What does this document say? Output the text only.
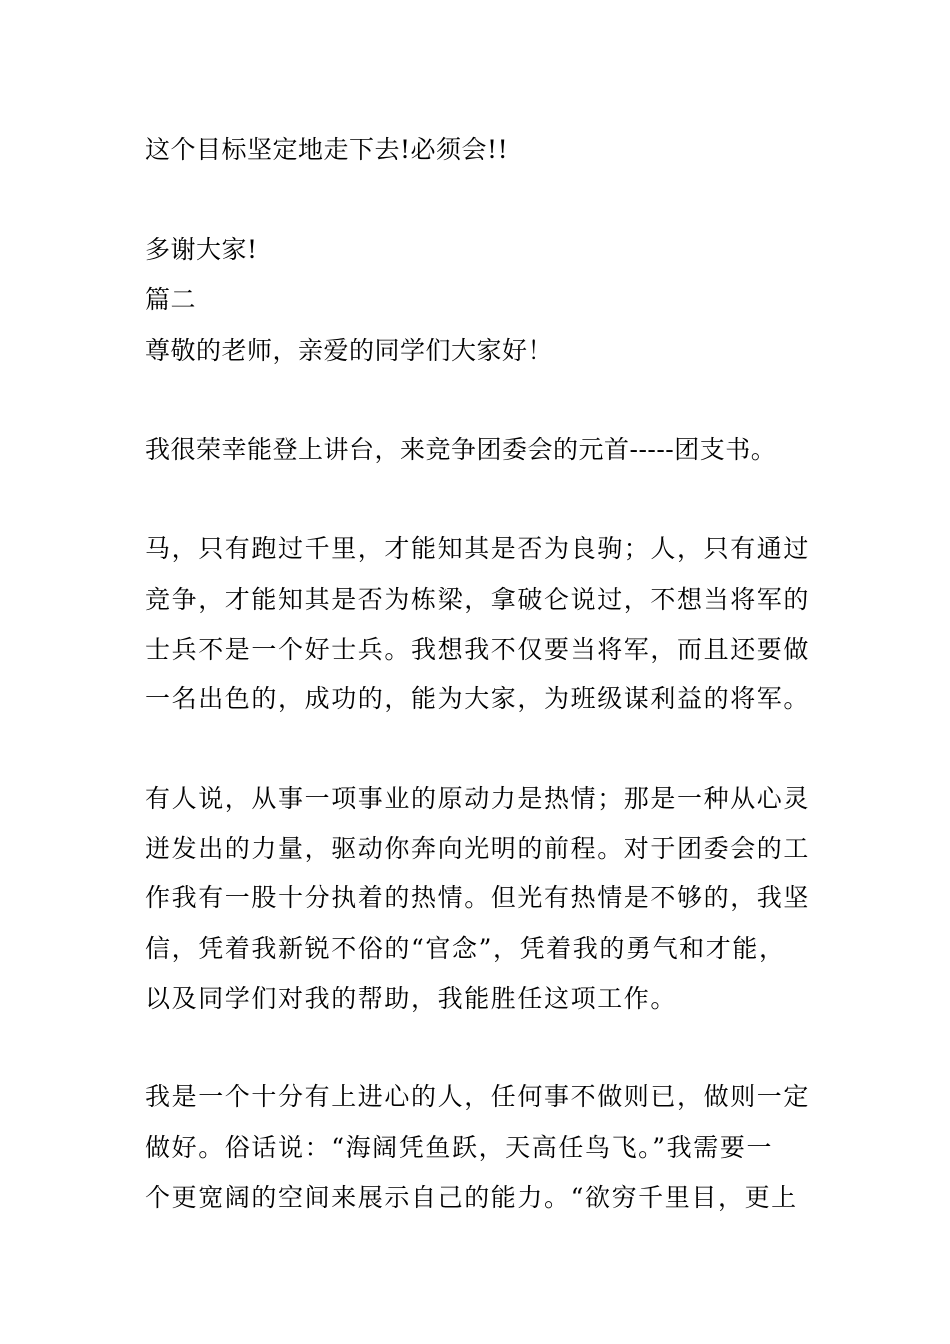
这个目标坚定地走下去!必须会!!
多谢大家!
篇二
尊敬的老师，亲爱的同学们大家好！
我很荣幸能登上讲台，来竞争团委会的元首-----团支书。
马，只有跑过千里，才能知其是否为良驹；人，只有通过
竞争，才能知其是否为栋梁，拿破仑说过，不想当将军的
士兵不是一个好士兵。我想我不仅要当将军，而且还要做
一名出色的，成功的，能为大家，为班级谋利益的将军。
有人说，从事一项事业的原动力是热情；那是一种从心灵
迸发出的力量，驱动你奔向光明的前程。对于团委会的工
作我有一股十分执着的热情。但光有热情是不够的，我坚
信，凭着我新锐不俗的“官念”，凭着我的勇气和才能，
以及同学们对我的帮助，我能胜任这项工作。
我是一个十分有上进心的人，任何事不做则已，做则一定
做好。俗话说：“海阔凭鱼跃，天高任鸟飞。”我需要一
个更宽阔的空间来展示自己的能力。“欲穷千里目，更上
